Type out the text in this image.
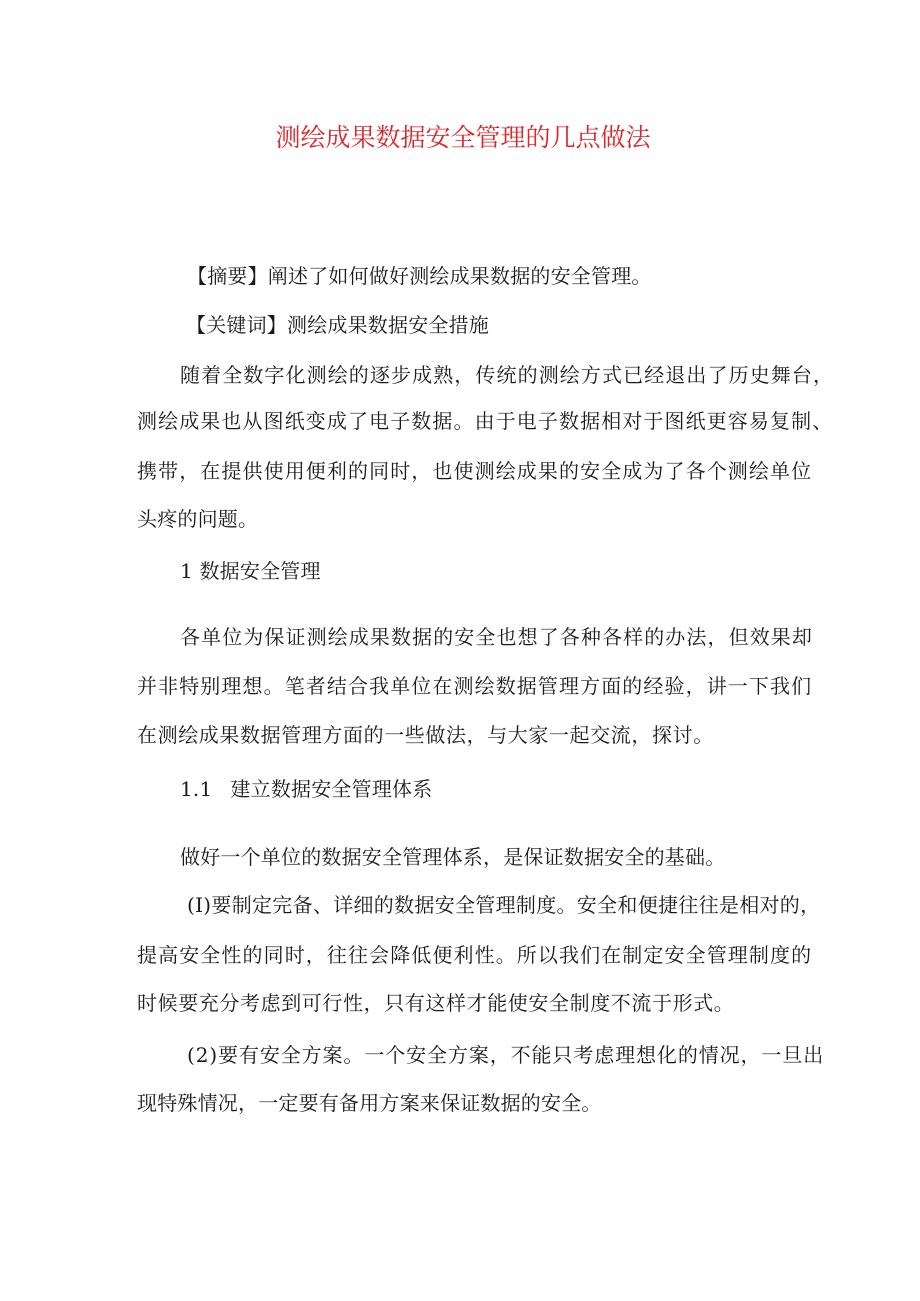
测绘成果数据安全管理的几点做法
【摘要】阐述了如何做好测绘成果数据的安全管理。
【关键词】测绘成果数据安全措施
随着全数字化测绘的逐步成熟，传统的测绘方式已经退出了历史舞台，
测绘成果也从图纸变成了电子数据。由于电子数据相对于图纸更容易复制、
携带，在提供使用便利的同时，也使测绘成果的安全成为了各个测绘单位
头疼的问题。
1 数据安全管理
各单位为保证测绘成果数据的安全也想了各种各样的办法，但效果却
并非特别理想。笔者结合我单位在测绘数据管理方面的经验，讲一下我们
在测绘成果数据管理方面的一些做法，与大家一起交流，探讨。
1.1 建立数据安全管理体系
做好一个单位的数据安全管理体系，是保证数据安全的基础。
(I)要制定完备、详细的数据安全管理制度。安全和便捷往往是相对的，
提高安全性的同时，往往会降低便利性。所以我们在制定安全管理制度的
时候要充分考虑到可行性，只有这样才能使安全制度不流于形式。
(2)要有安全方案。一个安全方案，不能只考虑理想化的情况，一旦出
现特殊情况，一定要有备用方案来保证数据的安全。
